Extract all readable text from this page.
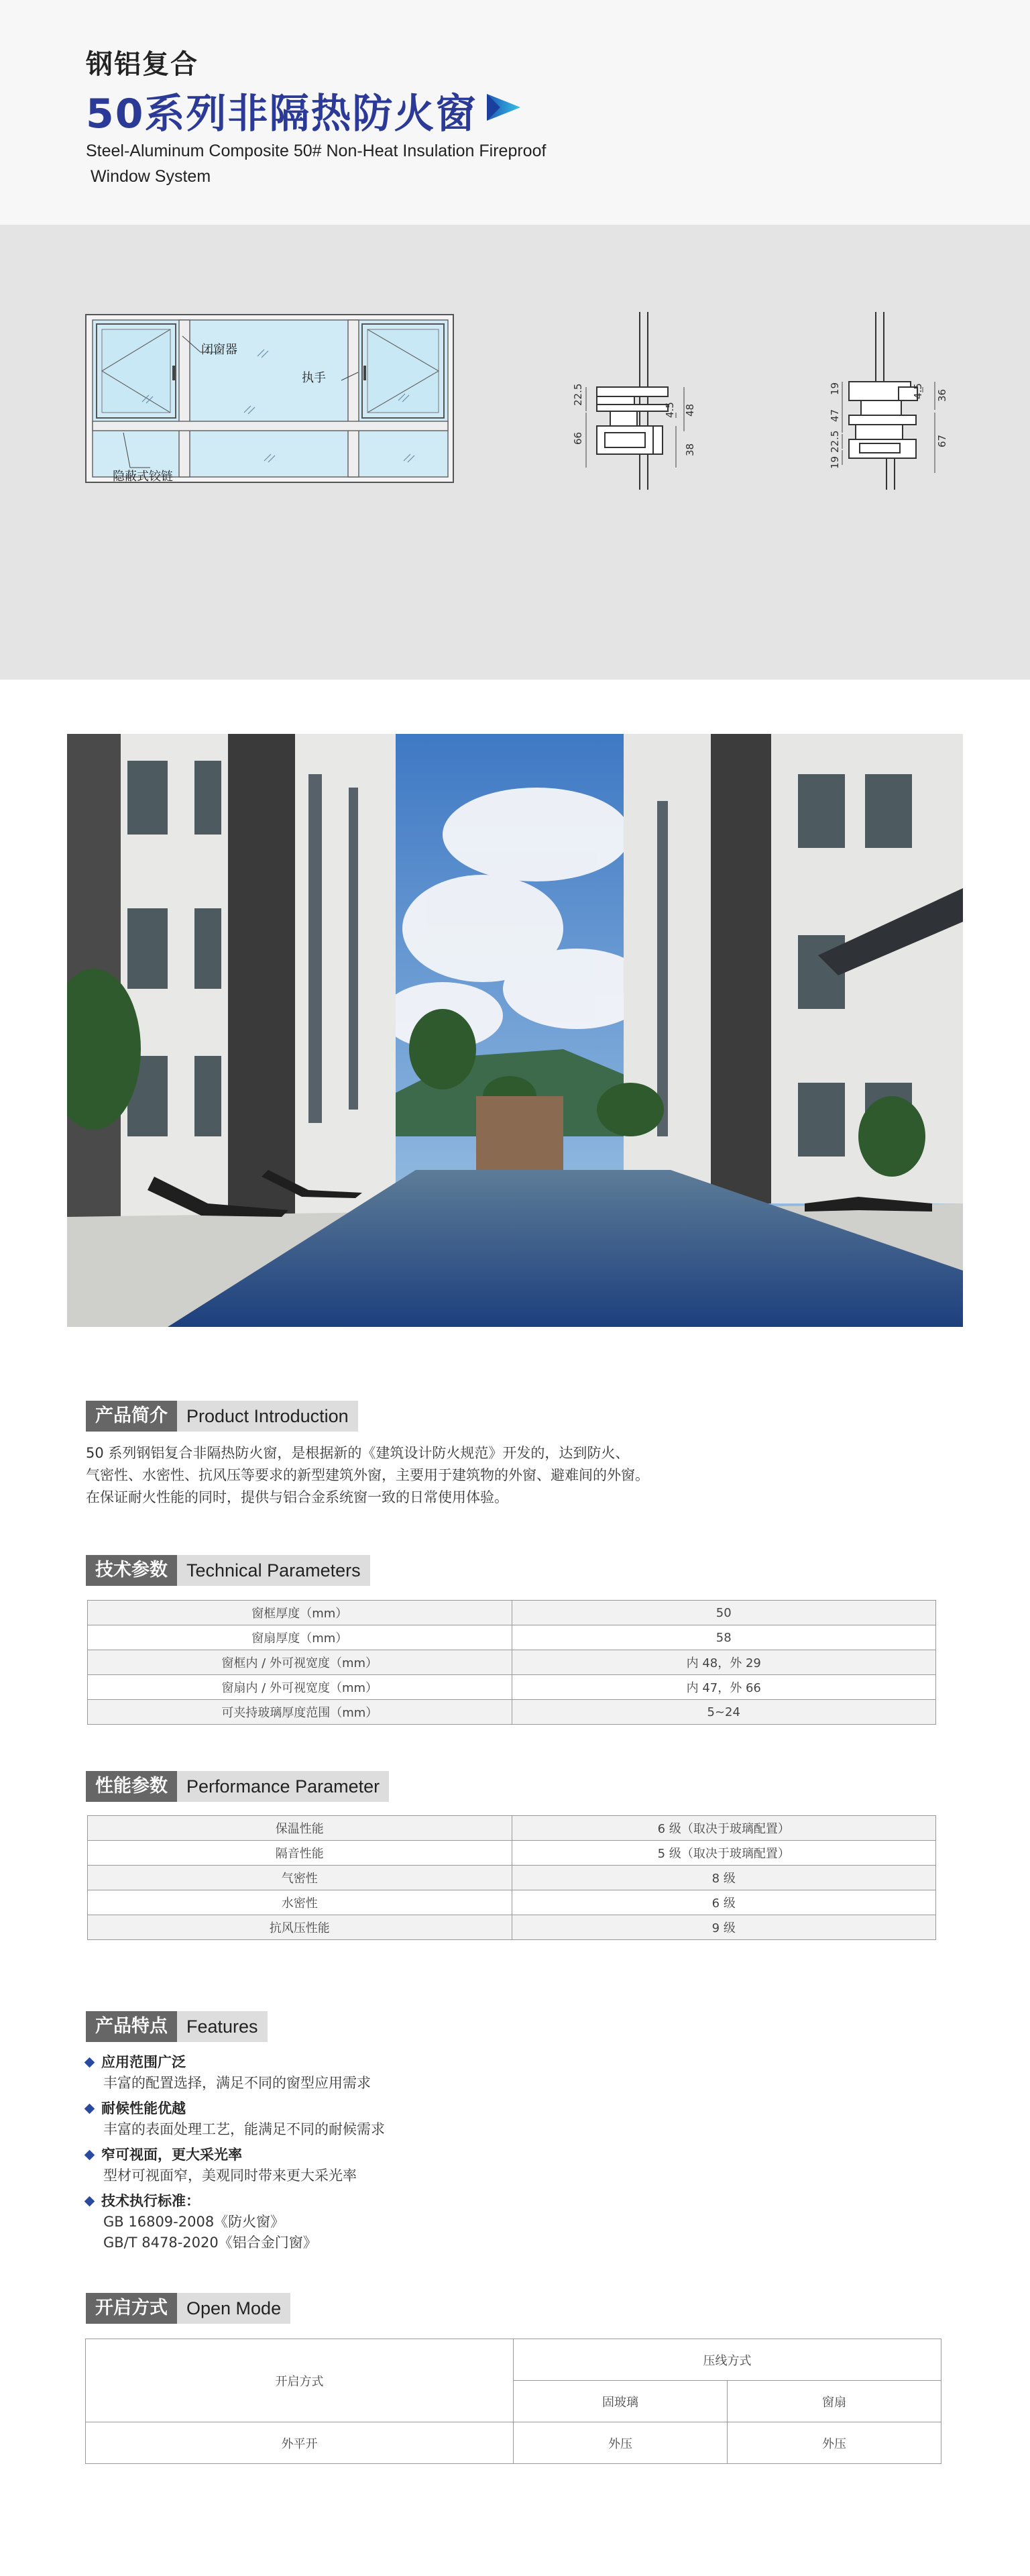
钢铝复合
50系列非隔热防火窗
Steel-Aluminum Composite 50# Non-Heat Insulation Fireproof
Window System
闭窗器
执手
隐蔽式铰链
22.5
66
4.5 48
38
19
47
4.5 36
22.5
19
67
产品简介	Product Introduction
50 系列钢铝复合非隔热防火窗，是根据新的《建筑设计防火规范》开发的，达到防火、
气密性、水密性、抗风压等要求的新型建筑外窗，主要用于建筑物的外窗、避难间的外窗。
在保证耐火性能的同时，提供与铝合金系统窗一致的日常使用体验。
技术参数	Technical Parameters
窗框厚度（mm）	50
窗扇厚度（mm）	58
窗框内 / 外可视宽度（mm）	内 48，外 29
窗扇内 / 外可视宽度（mm）	内 47，外 66
可夹持玻璃厚度范围（mm）	5~24
性能参数	Performance Parameter
保温性能	6 级（取决于玻璃配置）
隔音性能	5 级（取决于玻璃配置）
气密性	8 级
水密性	6 级
抗风压性能	9 级
产品特点	Features
应用范围广泛
丰富的配置选择，满足不同的窗型应用需求
耐候性能优越
丰富的表面处理工艺，能满足不同的耐候需求
窄可视面，更大采光率
型材可视面窄，美观同时带来更大采光率
技术执行标准：
GB 16809-2008《防火窗》
GB/T 8478-2020《铝合金门窗》
开启方式	Open Mode
开启方式	压线方式	
	固玻璃	窗扇
外平开	外压	外压
